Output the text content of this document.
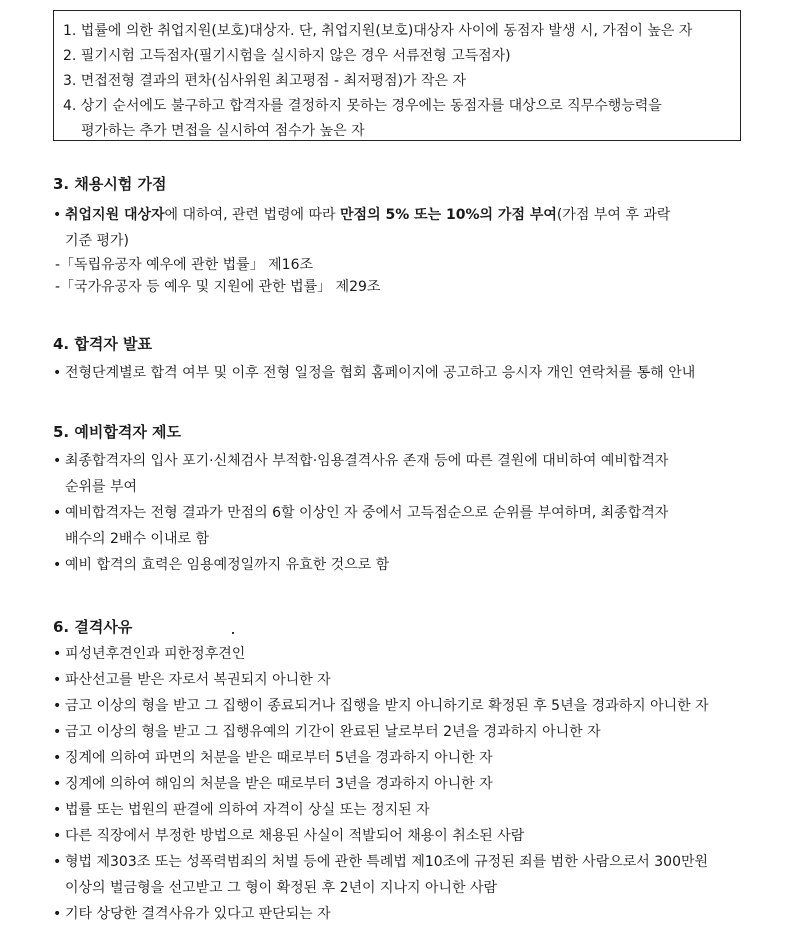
1. 법률에 의한 취업지원(보호)대상자. 단, 취업지원(보호)대상자 사이에 동점자 발생 시, 가점이 높은 자
2. 필기시험 고득점자(필기시험을 실시하지 않은 경우 서류전형 고득점자)
3. 면접전형 결과의 편차(심사위원 최고평점 - 최저평점)가 작은 자
4. 상기 순서에도 불구하고 합격자를 결정하지 못하는 경우에는 동점자를 대상으로 직무수행능력을
평가하는 추가 면접을 실시하여 점수가 높은 자
3. 채용시험 가점
• 취업지원 대상자에 대하여, 관련 법령에 따라 만점의 5% 또는 10%의 가점 부여(가점 부여 후 과락
기준 평가)
-「독립유공자 예우에 관한 법률」 제16조
-「국가유공자 등 예우 및 지원에 관한 법률」 제29조
4. 합격자 발표
• 전형단계별로 합격 여부 및 이후 전형 일정을 협회 홈페이지에 공고하고 응시자 개인 연락처를 통해 안내
5. 예비합격자 제도
• 최종합격자의 입사 포기·신체검사 부적합·임용결격사유 존재 등에 따른 결원에 대비하여 예비합격자
순위를 부여
• 예비합격자는 전형 결과가 만점의 6할 이상인 자 중에서 고득점순으로 순위를 부여하며, 최종합격자
배수의 2배수 이내로 함
• 예비 합격의 효력은 임용예정일까지 유효한 것으로 함
6. 결격사유
• 피성년후견인과 피한정후견인
• 파산선고를 받은 자로서 복권되지 아니한 자
• 금고 이상의 형을 받고 그 집행이 종료되거나 집행을 받지 아니하기로 확정된 후 5년을 경과하지 아니한 자
• 금고 이상의 형을 받고 그 집행유예의 기간이 완료된 날로부터 2년을 경과하지 아니한 자
• 징계에 의하여 파면의 처분을 받은 때로부터 5년을 경과하지 아니한 자
• 징계에 의하여 해임의 처분을 받은 때로부터 3년을 경과하지 아니한 자
• 법률 또는 법원의 판결에 의하여 자격이 상실 또는 정지된 자
• 다른 직장에서 부정한 방법으로 채용된 사실이 적발되어 채용이 취소된 사람
• 형법 제303조 또는 성폭력범죄의 처벌 등에 관한 특례법 제10조에 규정된 죄를 범한 사람으로서 300만원
이상의 벌금형을 선고받고 그 형이 확정된 후 2년이 지나지 아니한 사람
• 기타 상당한 결격사유가 있다고 판단되는 자
